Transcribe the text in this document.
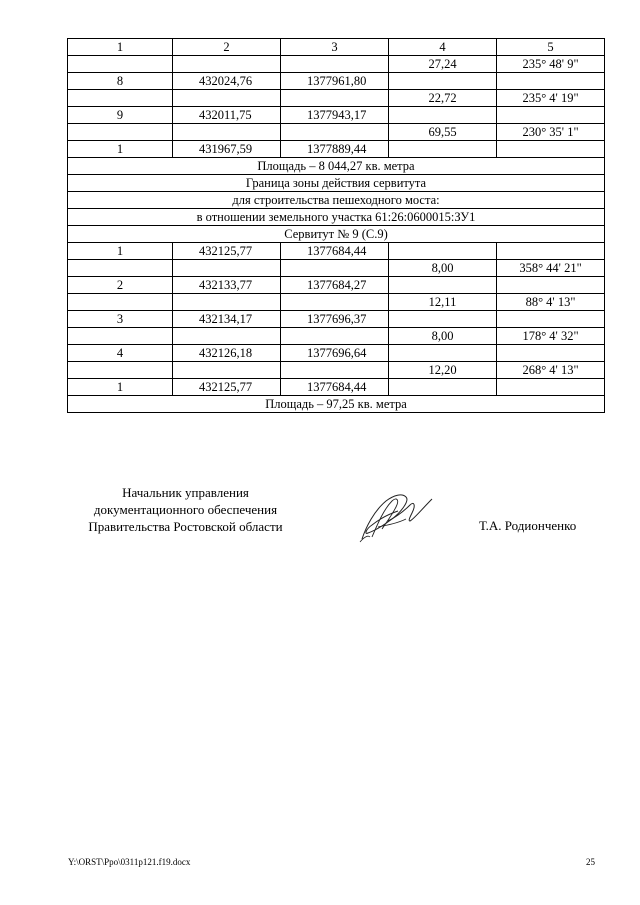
1	2	3	4	5
			27,24	235° 48' 9"
8	432024,76	1377961,80		
			22,72	235° 4' 19"
9	432011,75	1377943,17		
			69,55	230° 35' 1"
1	431967,59	1377889,44		
Площадь – 8 044,27 кв. метра				
Граница зоны действия сервитута				
для строительства пешеходного моста:				
в отношении земельного участка 61:26:0600015:ЗУ1				
Сервитут № 9 (С.9)				
1	432125,77	1377684,44		
			8,00	358° 44' 21"
2	432133,77	1377684,27		
			12,11	88° 4' 13"
3	432134,17	1377696,37		
			8,00	178° 4' 32"
4	432126,18	1377696,64		
			12,20	268° 4' 13"
1	432125,77	1377684,44		
Площадь – 97,25 кв. метра				
Начальник управления
документационного обеспечения
Правительства Ростовской области	Т.А. Родионченко
Y:\ORST\Ppo\0311p121.f19.docx	25
